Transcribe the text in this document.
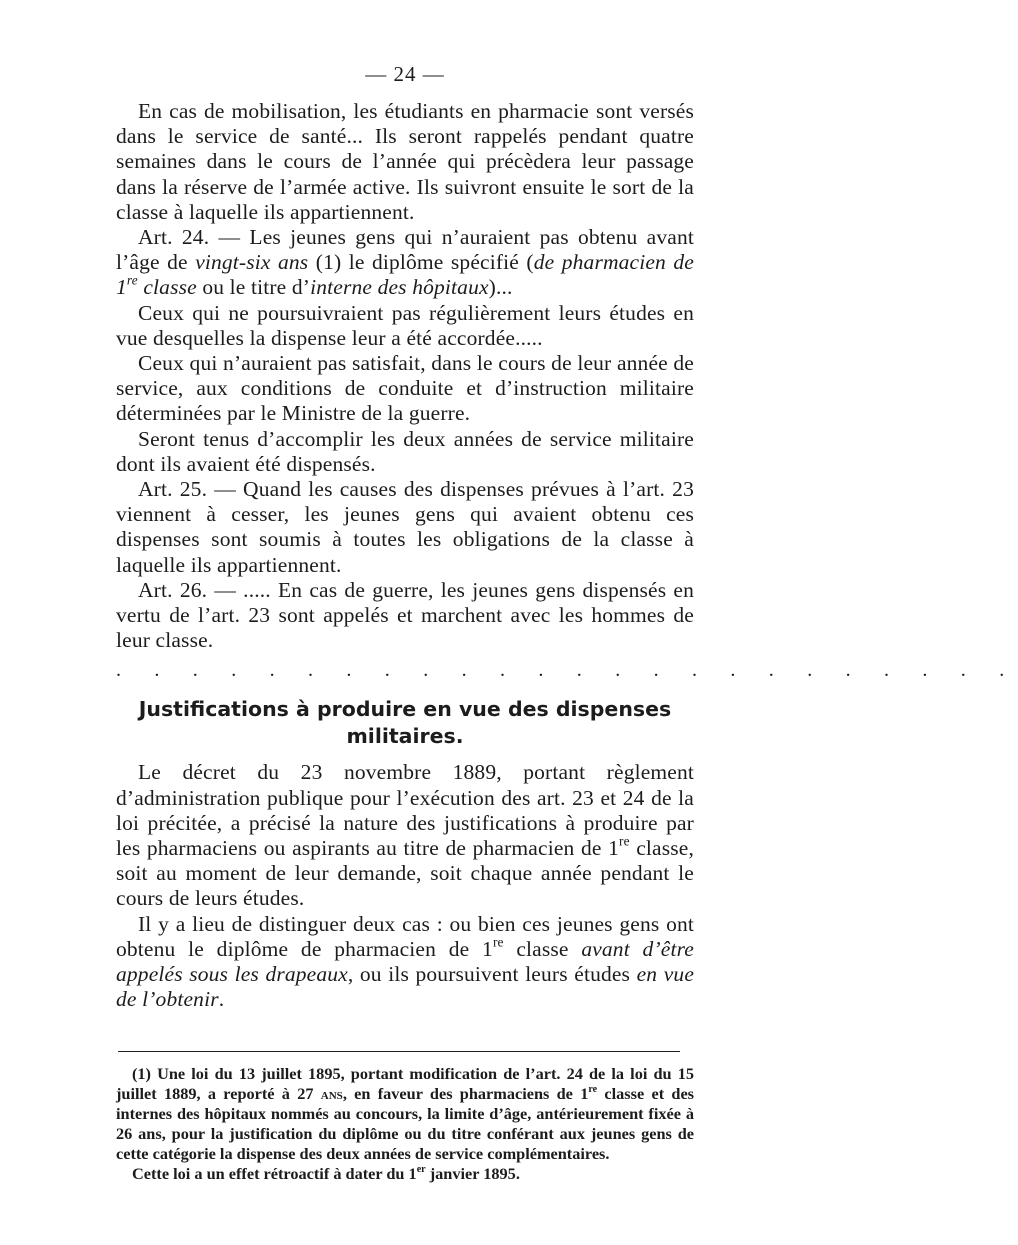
— 24 —

En cas de mobilisation, les étudiants en pharmacie sont versés dans le service de santé... Ils seront rappelés pendant quatre semaines dans le cours de l’année qui précèdera leur passage dans la réserve de l’armée active. Ils suivront ensuite le sort de la classe à laquelle ils appartiennent.

Art. 24. — Les jeunes gens qui n’auraient pas obtenu avant l’âge de vingt-six ans (1) le diplôme spécifié (de pharmacien de 1re classe ou le titre d’interne des hôpitaux)...

Ceux qui ne poursuivraient pas régulièrement leurs études en vue desquelles la dispense leur a été accordée.....

Ceux qui n’auraient pas satisfait, dans le cours de leur année de service, aux conditions de conduite et d’instruction militaire déterminées par le Ministre de la guerre.

Seront tenus d’accomplir les deux années de service militaire dont ils avaient été dispensés.

Art. 25. — Quand les causes des dispenses prévues à l’art. 23 viennent à cesser, les jeunes gens qui avaient obtenu ces dispenses sont soumis à toutes les obligations de la classe à laquelle ils appartiennent.

Art. 26. — ..... En cas de guerre, les jeunes gens dispensés en vertu de l’art. 23 sont appelés et marchent avec les hommes de leur classe.

. . . . . . . . . . . . . . . . . . . . . . . .
Justifications à produire en vue des dispenses militaires.

Le décret du 23 novembre 1889, portant règlement d’administration publique pour l’exécution des art. 23 et 24 de la loi précitée, a précisé la nature des justifications à produire par les pharmaciens ou aspirants au titre de pharmacien de 1re classe, soit au moment de leur demande, soit chaque année pendant le cours de leurs études.

Il y a lieu de distinguer deux cas : ou bien ces jeunes gens ont obtenu le diplôme de pharmacien de 1re classe avant d’être appelés sous les drapeaux, ou ils poursuivent leurs études en vue de l’obtenir.

(1) Une loi du 13 juillet 1895, portant modification de l’art. 24 de la loi du 15 juillet 1889, a reporté à 27 ans, en faveur des pharmaciens de 1re classe et des internes des hôpitaux nommés au concours, la limite d’âge, antérieurement fixée à 26 ans, pour la justification du diplôme ou du titre conférant aux jeunes gens de cette catégorie la dispense des deux années de service complémentaires.

Cette loi a un effet rétroactif à dater du 1er janvier 1895.
